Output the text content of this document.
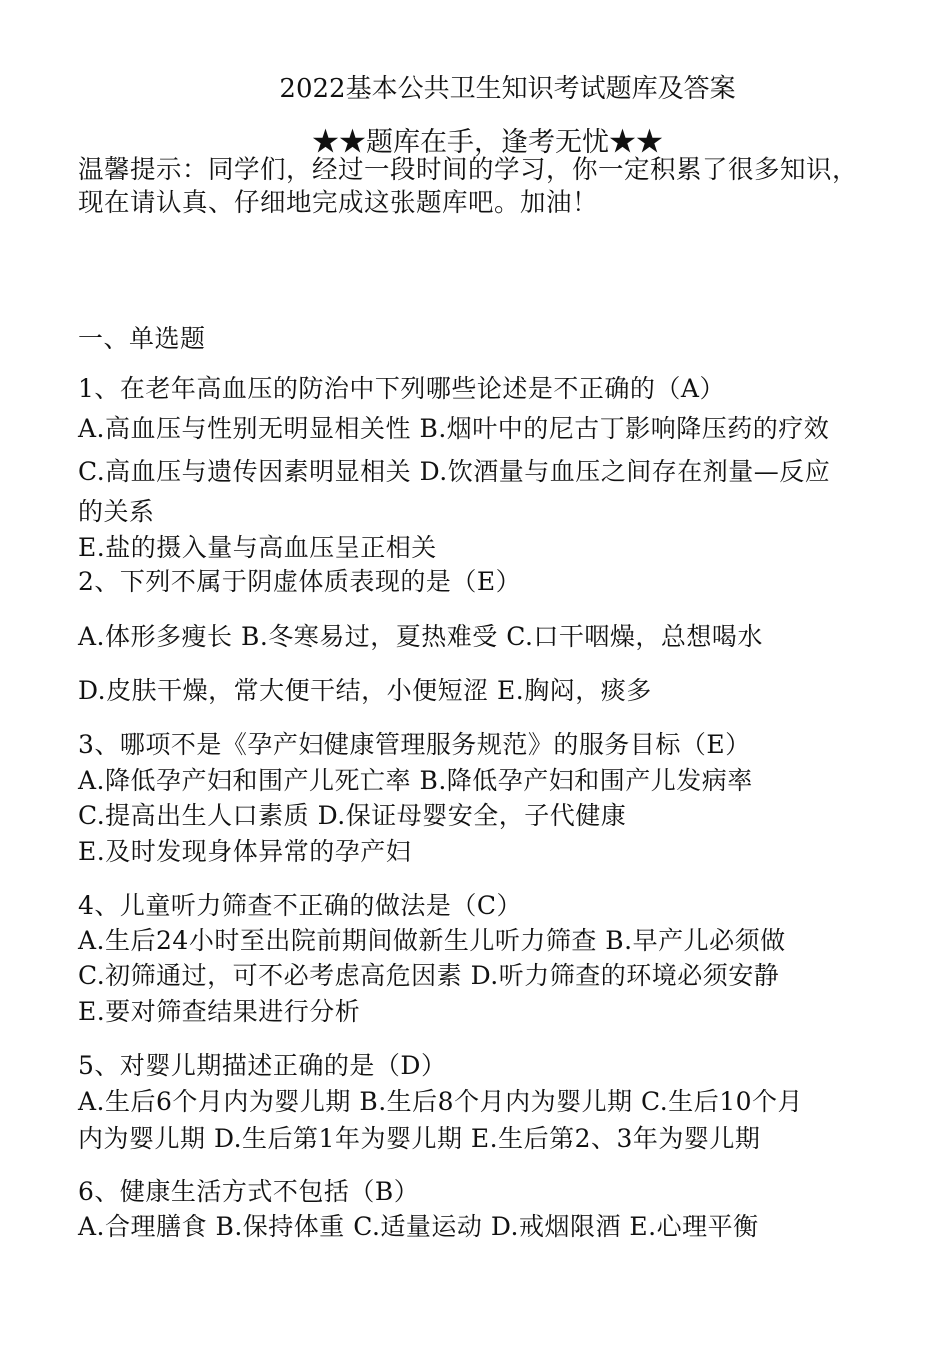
2022基本公共卫生知识考试题库及答案
★★题库在手，逢考无忧★★
温馨提示：同学们，经过一段时间的学习，你一定积累了很多知识，
现在请认真、仔细地完成这张题库吧。加油！
一、单选题
1、在老年高血压的防治中下列哪些论述是不正确的（A）
A.高血压与性别无明显相关性 B.烟叶中的尼古丁影响降压药的疗效
C.高血压与遗传因素明显相关 D.饮酒量与血压之间存在剂量—反应
的关系
E.盐的摄入量与高血压呈正相关
2、下列不属于阴虚体质表现的是（E）
A.体形多瘦长 B.冬寒易过，夏热难受 C.口干咽燥，总想喝水
D.皮肤干燥，常大便干结，小便短涩 E.胸闷，痰多
3、哪项不是《孕产妇健康管理服务规范》的服务目标（E）
A.降低孕产妇和围产儿死亡率 B.降低孕产妇和围产儿发病率
C.提高出生人口素质 D.保证母婴安全，子代健康
E.及时发现身体异常的孕产妇
4、儿童听力筛查不正确的做法是（C）
A.生后24小时至出院前期间做新生儿听力筛查 B.早产儿必须做
C.初筛通过，可不必考虑高危因素 D.听力筛查的环境必须安静
E.要对筛查结果进行分析
5、对婴儿期描述正确的是（D）
A.生后6个月内为婴儿期 B.生后8个月内为婴儿期 C.生后10个月
内为婴儿期 D.生后第1年为婴儿期 E.生后第2、3年为婴儿期
6、健康生活方式不包括（B）
A.合理膳食 B.保持体重 C.适量运动 D.戒烟限酒 E.心理平衡
